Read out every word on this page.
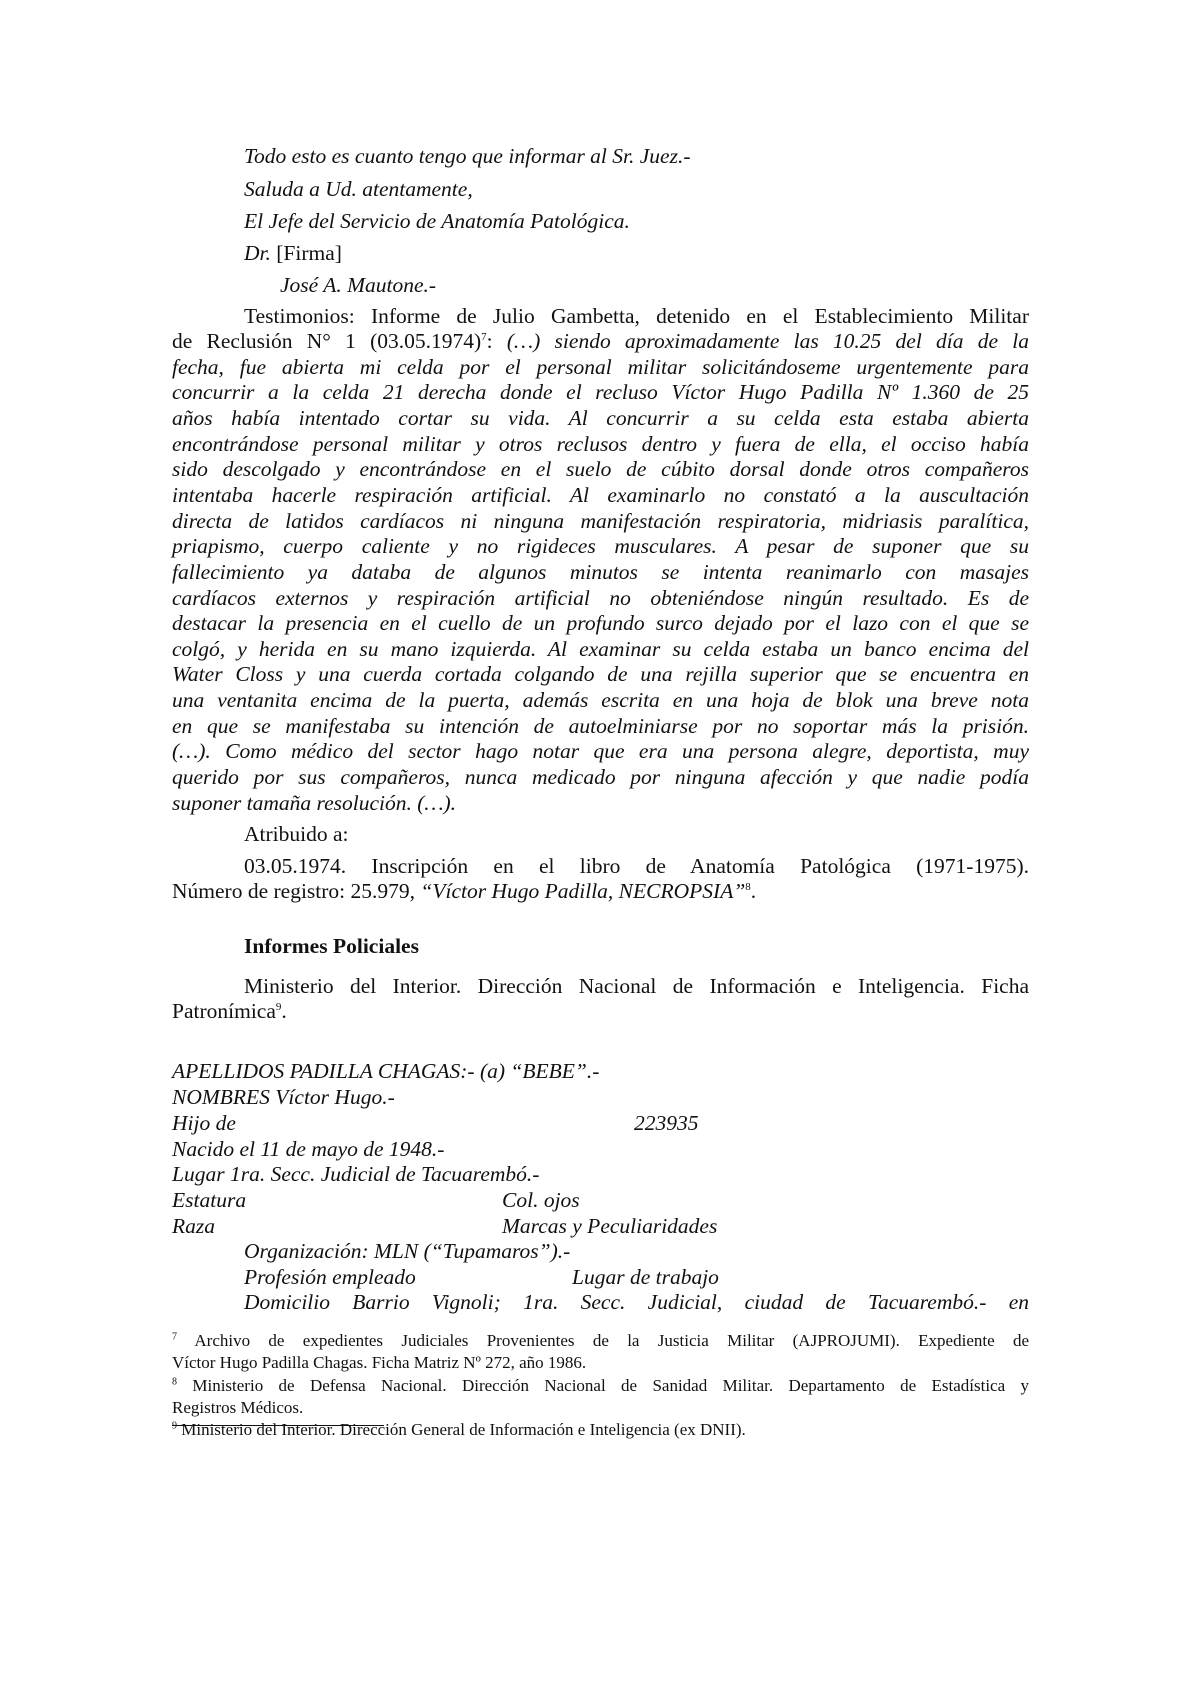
Todo esto es cuanto tengo que informar al Sr. Juez.-
Saluda a Ud. atentamente,
El Jefe del Servicio de Anatomía Patológica.
Dr. [Firma]
José A. Mautone.-
Testimonios: Informe de Julio Gambetta, detenido en el Establecimiento Militar
de Reclusión N° 1 $(03.05.1974)^7$: (…) siendo aproximadamente las 10.25 del día de la
fecha, fue abierta mi celda por el personal militar solicitándoseme urgentemente para
concurrir a la celda 21 derecha donde el recluso Víctor Hugo Padilla Nº 1.360 de 25
años había intentado cortar su vida. Al concurrir a su celda esta estaba abierta
encontrándose personal militar y otros reclusos dentro y fuera de ella, el occiso había
sido descolgado y encontrándose en el suelo de cúbito dorsal donde otros compañeros
intentaba hacerle respiración artificial. Al examinarlo no constató a la auscultación
directa de latidos cardíacos ni ninguna manifestación respiratoria, midriasis paralítica,
priapismo, cuerpo caliente y no rigideces musculares. A pesar de suponer que su
fallecimiento ya databa de algunos minutos se intenta reanimarlo con masajes
cardíacos externos y respiración artificial no obteniéndose ningún resultado. Es de
destacar la presencia en el cuello de un profundo surco dejado por el lazo con el que se
colgó, y herida en su mano izquierda. Al examinar su celda estaba un banco encima del
Water Closs y una cuerda cortada colgando de una rejilla superior que se encuentra en
una ventanita encima de la puerta, además escrita en una hoja de blok una breve nota
en que se manifestaba su intención de autoelminiarse por no soportar más la prisión.
(…). Como médico del sector hago notar que era una persona alegre, deportista, muy
querido por sus compañeros, nunca medicado por ninguna afección y que nadie podía
suponer tamaña resolución. (…).
Atribuido a:
03.05.1974. Inscripción en el libro de Anatomía Patológica (1971-1975).
Número de registro: 25.979, “Víctor Hugo Padilla, NECROPSIA”$^8$.
Informes Policiales
Ministerio del Interior. Dirección Nacional de Información e Inteligencia. Ficha
Patronímica$^9$.
APELLIDOS PADILLA CHAGAS:- (a) “BEBE”.-
NOMBRES Víctor Hugo.-
Hijo de	223935
Nacido el 11 de mayo de 1948.-
Lugar 1ra. Secc. Judicial de Tacuarembó.-
Estatura	Col. ojos
Raza	Marcas y Peculiaridades
Organización: MLN (“Tupamaros”).-
Profesión empleado	Lugar de trabajo
Domicilio Barrio Vignoli; 1ra. Secc. Judicial, ciudad de Tacuarembó.- en
$^7$ Archivo de expedientes Judiciales Provenientes de la Justicia Militar (AJPROJUMI). Expediente de
Víctor Hugo Padilla Chagas. Ficha Matriz Nº 272, año 1986.
$^8$ Ministerio de Defensa Nacional. Dirección Nacional de Sanidad Militar. Departamento de Estadística y
Registros Médicos.
$^9$ Ministerio del Interior. Dirección General de Información e Inteligencia (ex DNII).
